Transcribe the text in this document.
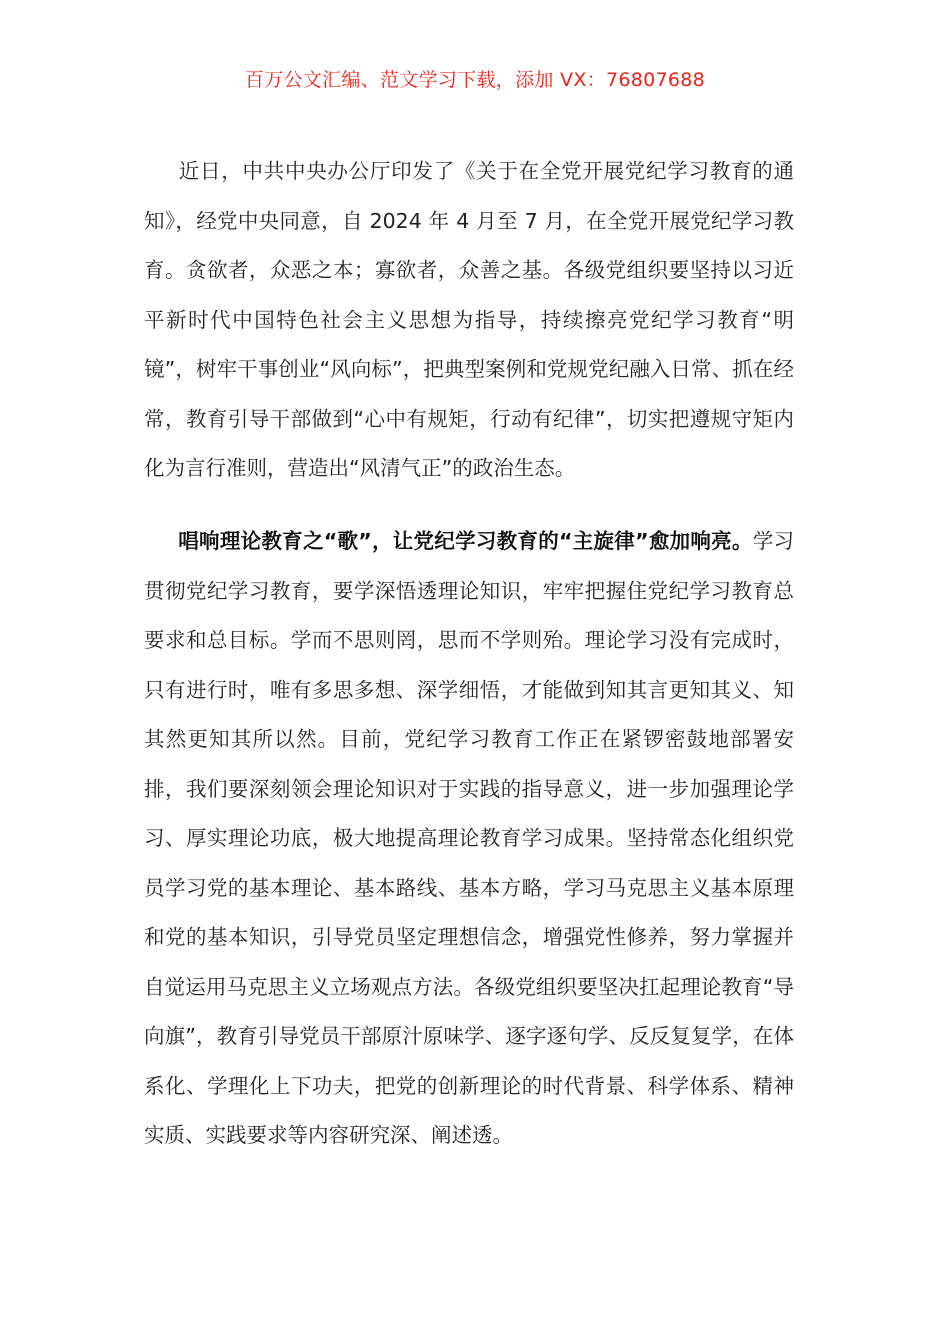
百万公文汇编、范文学习下载，添加 VX：76807688
近日，中共中央办公厅印发了《关于在全党开展党纪学习教育的通知》，经党中央同意，自 2024 年 4 月至 7 月，在全党开展党纪学习教育。贪欲者，众恶之本；寡欲者，众善之基。各级党组织要坚持以习近平新时代中国特色社会主义思想为指导，持续擦亮党纪学习教育“明镜”，树牢干事创业“风向标”，把典型案例和党规党纪融入日常、抓在经常，教育引导干部做到“心中有规矩，行动有纪律”，切实把遵规守矩内化为言行准则，营造出“风清气正”的政治生态。
唱响理论教育之“歌”，让党纪学习教育的“主旋律”愈加响亮。学习贯彻党纪学习教育，要学深悟透理论知识，牢牢把握住党纪学习教育总要求和总目标。学而不思则罔，思而不学则殆。理论学习没有完成时，只有进行时，唯有多思多想、深学细悟，才能做到知其言更知其义、知其然更知其所以然。目前，党纪学习教育工作正在紧锣密鼓地部署安排，我们要深刻领会理论知识对于实践的指导意义，进一步加强理论学习、厚实理论功底，极大地提高理论教育学习成果。坚持常态化组织党员学习党的基本理论、基本路线、基本方略，学习马克思主义基本原理和党的基本知识，引导党员坚定理想信念，增强党性修养，努力掌握并自觉运用马克思主义立场观点方法。各级党组织要坚决扛起理论教育“导向旗”，教育引导党员干部原汁原味学、逐字逐句学、反反复复学，在体系化、学理化上下功夫，把党的创新理论的时代背景、科学体系、精神实质、实践要求等内容研究深、阐述透。
